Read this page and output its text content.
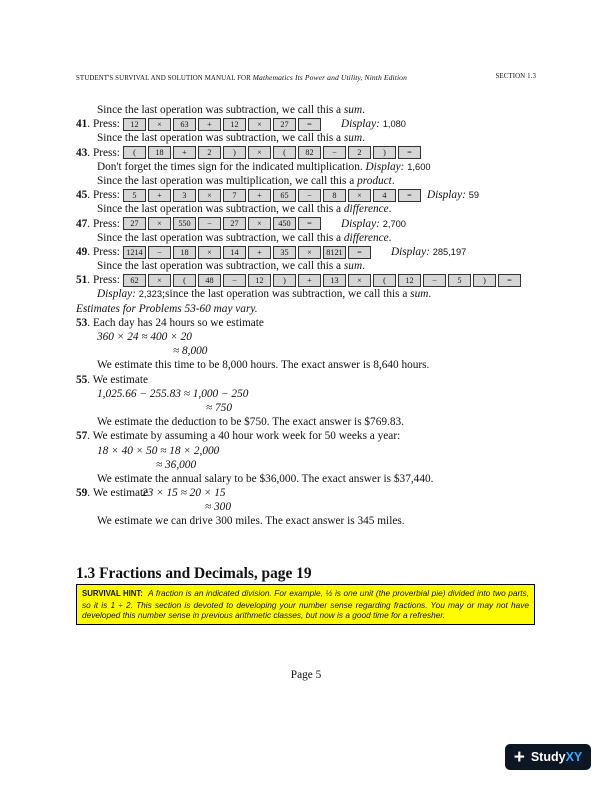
STUDENT'S SURVIVAL AND SOLUTION MANUAL FOR Mathematics Its Power and Utility, Ninth Edition	SECTION 1.3
Since the last operation was subtraction, we call this a sum.
41. Press:	12 × 63 + 12 × 27 =	Display: 1,080
Since the last operation was subtraction, we call this a sum.
43. Press:	( 18 +	2	)	×	( 82 −	2	)	=
Don't forget the times sign for the indicated multiplication. Display: 1,600
Since the last operation was multiplication, we call this a product.
45. Press:	5	+	3	×	7	+ 65 −	8	×	4	=	Display: 59
Since the last operation was subtraction, we call this a difference.
47. Press:	27 × 550 − 27 × 450 =	Display: 2,700
Since the last operation was subtraction, we call this a difference.
49. Press: 1214 − 18 × 14 + 35 × 8121 =	Display: 285,197
Since the last operation was subtraction, we call this a sum.
51. Press:	62 ×	( 48 − 12 )	+ 13 ×	( 12 −	5	)	=
Display: 2,323;since the last operation was subtraction, we call this a sum.
Estimates for Problems 53-60 may vary.
53. Each day has 24 hours so we estimate
360 × 24 ≈ 400 × 20
≈ 8,000
We estimate this time to be 8,000 hours. The exact answer is 8,640 hours.
55. We estimate
1,025.66 − 255.83 ≈ 1,000 − 250
≈ 750
We estimate the deduction to be $750. The exact answer is $769.83.
57. We estimate by assuming a 40 hour work week for 50 weeks a year:
18 × 40 × 50 ≈ 18 × 2,000
≈ 36,000
We estimate the annual salary to be $36,000. The exact answer is $37,440.
59. We estimate23 × 15 ≈ 20 × 15
≈ 300
We estimate we can drive 300 miles. The exact answer is 345 miles.
1.3 Fractions and Decimals, page 19
SURVIVAL HINT: A fraction is an indicated division. For example, ½ is one unit (the proverbial pie) divided into two parts, so it is 1 ÷ 2. This section is devoted to developing your number sense regarding fractions. You may or may not have developed this number sense in previous arithmetic classes, but now is a good time for a refresher.
Page 5
+ StudyXY
